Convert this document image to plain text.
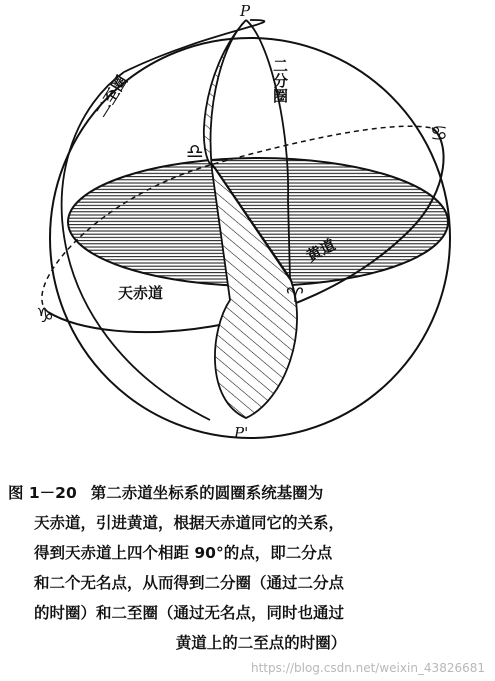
P
P'
二分圈
二至圈
天赤道
黄道
♎
♋
♑
♈
图 1－20 第二赤道坐标系的圆圈系统基圈为
天赤道，引进黄道，根据天赤道同它的关系，
得到天赤道上四个相距 90°的点，即二分点
和二个无名点，从而得到二分圈（通过二分点
的时圈）和二至圈（通过无名点，同时也通过
黄道上的二至点的时圈）
https://blog.csdn.net/weixin_43826681
